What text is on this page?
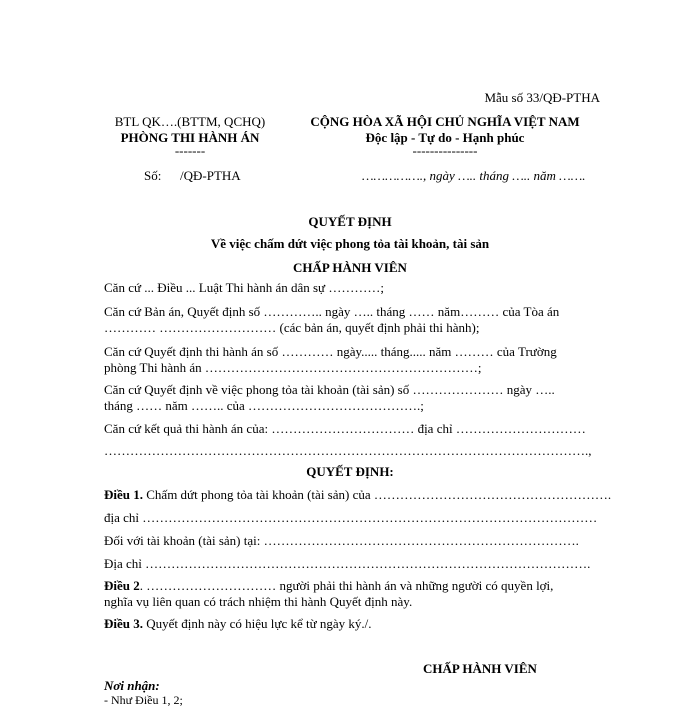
Mẫu số 33/QĐ-PTHA
BTL QK….(BTTM, QCHQ)
PHÒNG THI HÀNH ÁN
-------
CỘNG HÒA XÃ HỘI CHỦ NGHĨA VIỆT NAM
Độc lập - Tự do - Hạnh phúc
---------------
Số: /QĐ-PTHA	……………., ngày ….. tháng ….. năm …….
QUYẾT ĐỊNH
Về việc chấm dứt việc phong tỏa tài khoản, tài sản
CHẤP HÀNH VIÊN
Căn cứ ... Điều ... Luật Thi hành án dân sự …………;
Căn cứ Bản án, Quyết định số ………….. ngày ….. tháng …… năm……… của Tòa án
………… ……………………… (các bản án, quyết định phải thi hành);
Căn cứ Quyết định thi hành án số ………… ngày..... tháng..... năm ……… của Trường
phòng Thi hành án ………………………………………………………;
Căn cứ Quyết định về việc phong tỏa tài khoản (tài sản) số ………………… ngày …..
tháng …… năm …….. của ………………………………….;
Căn cứ kết quả thi hành án của: …………………………… địa chỉ …………………………
………………………………………………………………………………………………….,
QUYẾT ĐỊNH:
Điều 1. Chấm dứt phong tỏa tài khoản (tài sản) của ……………………………………………….
địa chỉ ……………………………………………………………………………………………
Đối với tài khoản (tài sản) tại: ……………………………………………………………….
Địa chỉ ………………………………………………………………………………………….
Điều 2. ………………………… người phải thi hành án và những người có quyền lợi,
nghĩa vụ liên quan có trách nhiệm thi hành Quyết định này.
Điều 3. Quyết định này có hiệu lực kể từ ngày ký./.
CHẤP HÀNH VIÊN
Nơi nhận:
- Như Điều 1, 2;
